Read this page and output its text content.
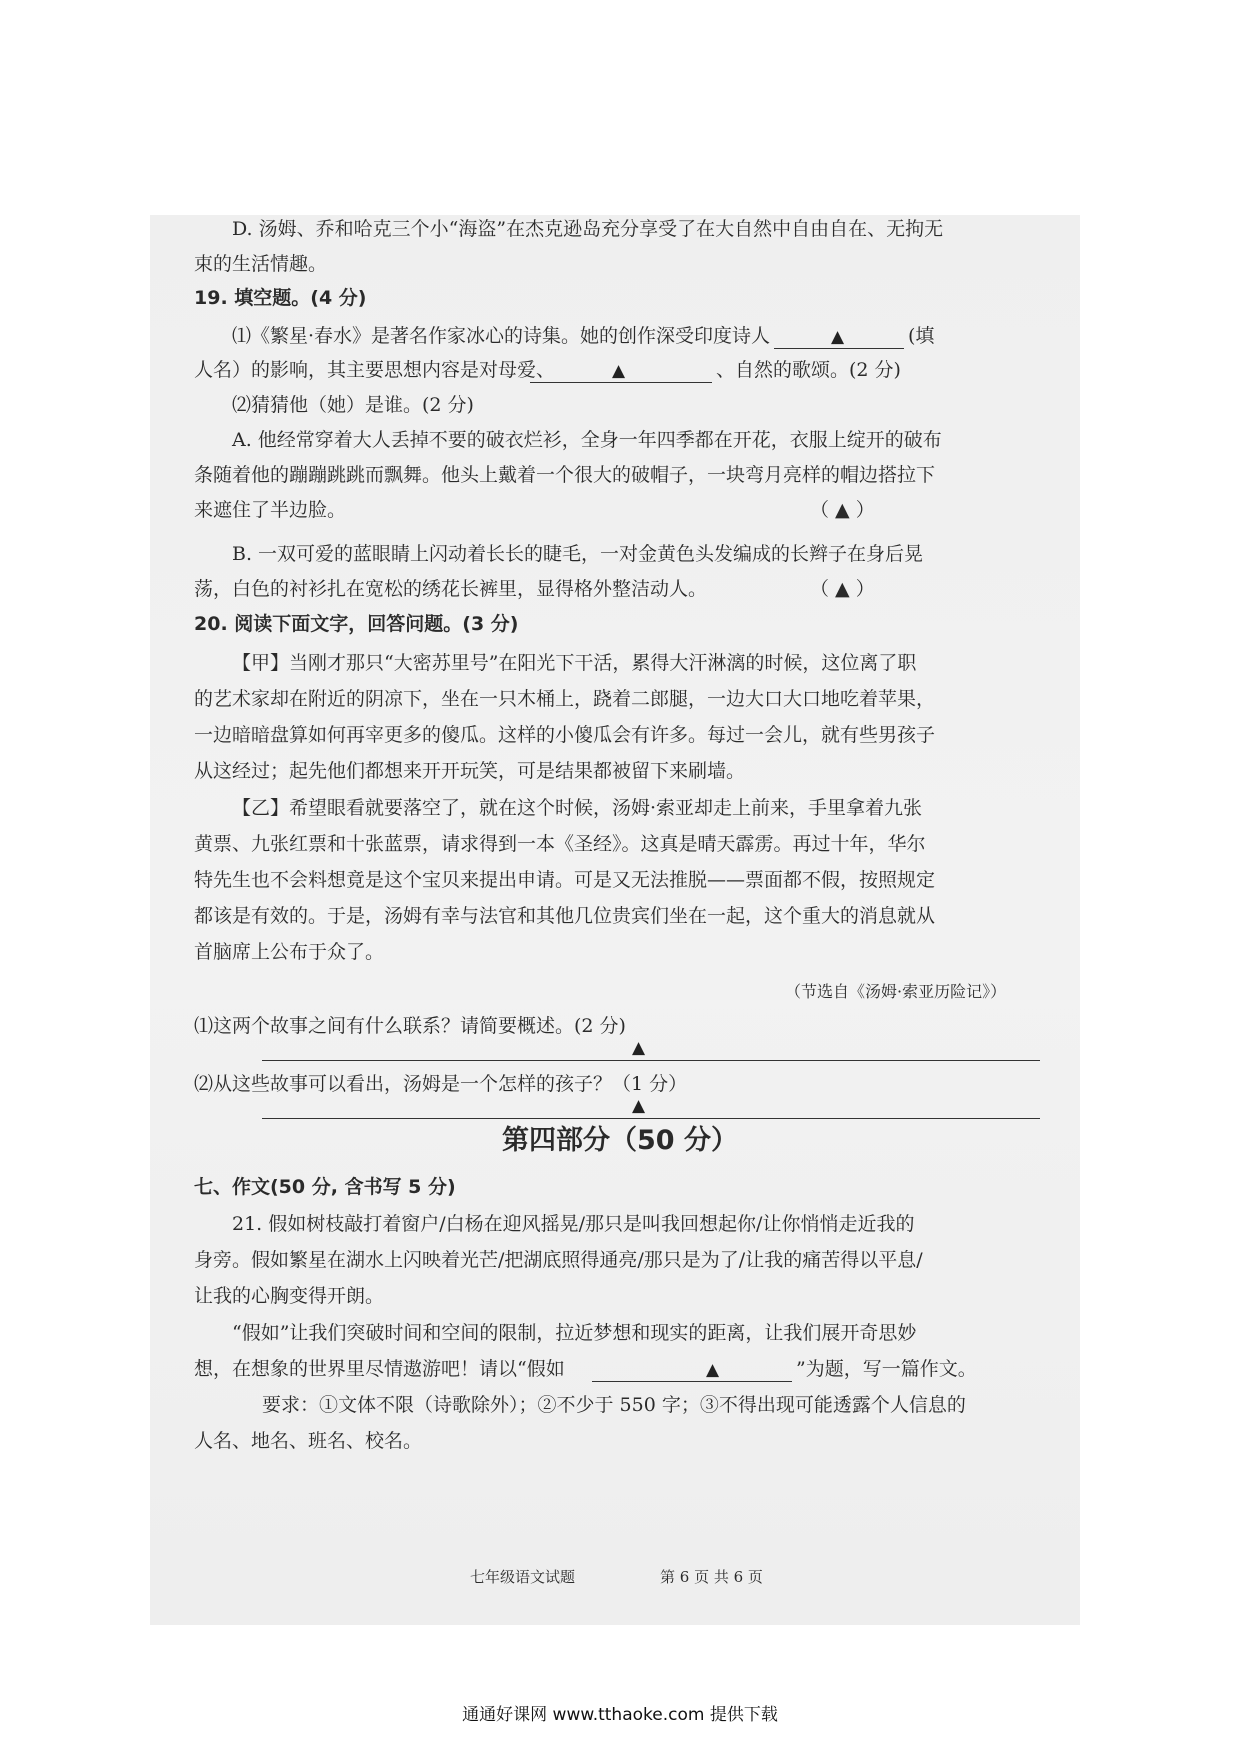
D. 汤姆、乔和哈克三个小“海盗”在杰克逊岛充分享受了在大自然中自由自在、无拘无
束的生活情趣。
19. 填空题。(4 分)
⑴《繁星·春水》是著名作家冰心的诗集。她的创作深受印度诗人	▲	(填
人名）的影响，其主要思想内容是对母爱、	▲	、自然的歌颂。(2 分)
⑵猜猜他（她）是谁。(2 分)
A. 他经常穿着大人丢掉不要的破衣烂衫，全身一年四季都在开花，衣服上绽开的破布
条随着他的蹦蹦跳跳而飘舞。他头上戴着一个很大的破帽子，一块弯月亮样的帽边搭拉下
来遮住了半边脸。	（ ▲ ）
B. 一双可爱的蓝眼睛上闪动着长长的睫毛，一对金黄色头发编成的长辫子在身后晃
荡，白色的衬衫扎在宽松的绣花长裤里，显得格外整洁动人。	（ ▲ ）
20. 阅读下面文字，回答问题。(3 分)
【甲】当刚才那只“大密苏里号”在阳光下干活，累得大汗淋漓的时候，这位离了职
的艺术家却在附近的阴凉下，坐在一只木桶上，跷着二郎腿，一边大口大口地吃着苹果，
一边暗暗盘算如何再宰更多的傻瓜。这样的小傻瓜会有许多。每过一会儿，就有些男孩子
从这经过；起先他们都想来开开玩笑，可是结果都被留下来刷墙。
【乙】希望眼看就要落空了，就在这个时候，汤姆·索亚却走上前来，手里拿着九张
黄票、九张红票和十张蓝票，请求得到一本《圣经》。这真是晴天霹雳。再过十年，华尔
特先生也不会料想竟是这个宝贝来提出申请。可是又无法推脱——票面都不假，按照规定
都该是有效的。于是，汤姆有幸与法官和其他几位贵宾们坐在一起，这个重大的消息就从
首脑席上公布于众了。
（节选自《汤姆·索亚历险记》）
⑴这两个故事之间有什么联系？请简要概述。(2 分)
▲
⑵从这些故事可以看出，汤姆是一个怎样的孩子？（1 分）
▲
第四部分（50 分）
七、作文(50 分, 含书写 5 分)
21. 假如树枝敲打着窗户/白杨在迎风摇晃/那只是叫我回想起你/让你悄悄走近我的
身旁。假如繁星在湖水上闪映着光芒/把湖底照得通亮/那只是为了/让我的痛苦得以平息/
让我的心胸变得开朗。
“假如”让我们突破时间和空间的限制，拉近梦想和现实的距离，让我们展开奇思妙
想，在想象的世界里尽情遨游吧！请以“假如	▲	”为题，写一篇作文。
要求：①文体不限（诗歌除外）；②不少于 550 字；③不得出现可能透露个人信息的
人名、地名、班名、校名。
七年级语文试题	第 6 页 共 6 页
通通好课网 www.tthaoke.com 提供下载
